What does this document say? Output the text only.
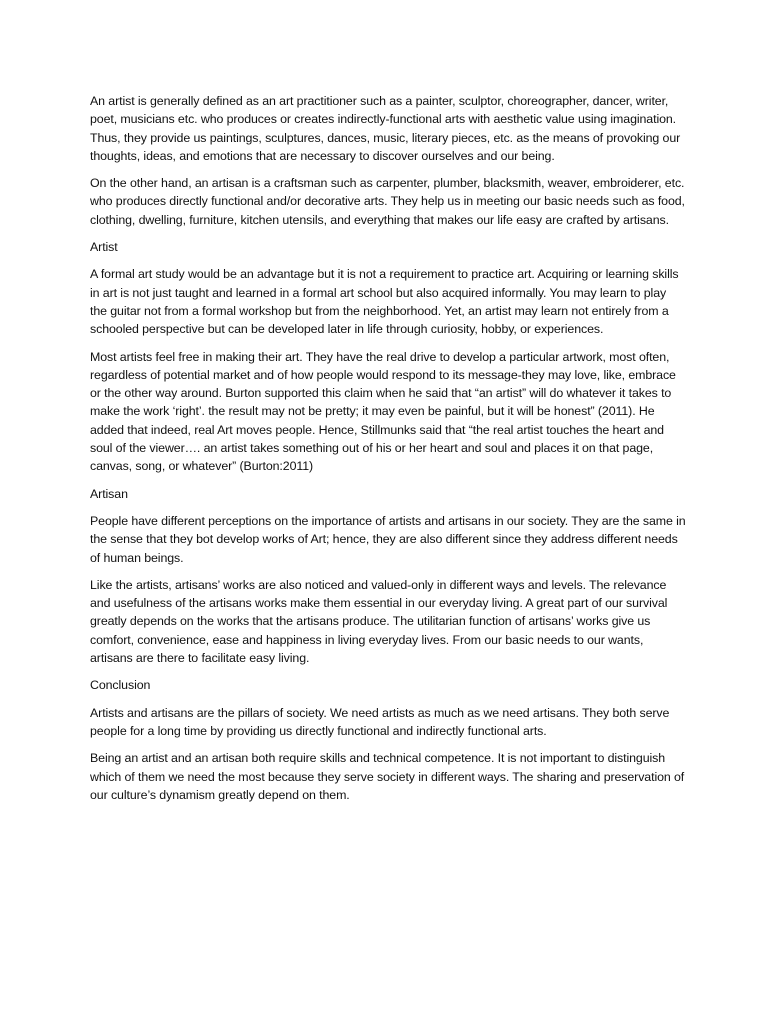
An artist is generally defined as an art practitioner such as a painter, sculptor, choreographer, dancer, writer, poet, musicians etc. who produces or creates indirectly-functional arts with aesthetic value using imagination. Thus, they provide us paintings, sculptures, dances, music, literary pieces, etc. as the means of provoking our thoughts, ideas, and emotions that are necessary to discover ourselves and our being.

On the other hand, an artisan is a craftsman such as carpenter, plumber, blacksmith, weaver, embroiderer, etc. who produces directly functional and/or decorative arts. They help us in meeting our basic needs such as food, clothing, dwelling, furniture, kitchen utensils, and everything that makes our life easy are crafted by artisans.

Artist

A formal art study would be an advantage but it is not a requirement to practice art. Acquiring or learning skills in art is not just taught and learned in a formal art school but also acquired informally. You may learn to play the guitar not from a formal workshop but from the neighborhood. Yet, an artist may learn not entirely from a schooled perspective but can be developed later in life through curiosity, hobby, or experiences.

Most artists feel free in making their art. They have the real drive to develop a particular artwork, most often, regardless of potential market and of how people would respond to its message-they may love, like, embrace or the other way around. Burton supported this claim when he said that “an artist” will do whatever it takes to make the work ‘right’. the result may not be pretty; it may even be painful, but it will be honest” (2011). He added that indeed, real Art moves people. Hence, Stillmunks said that “the real artist touches the heart and soul of the viewer…. an artist takes something out of his or her heart and soul and places it on that page, canvas, song, or whatever” (Burton:2011)

Artisan

People have different perceptions on the importance of artists and artisans in our society. They are the same in the sense that they bot develop works of Art; hence, they are also different since they address different needs of human beings.

Like the artists, artisans’ works are also noticed and valued-only in different ways and levels. The relevance and usefulness of the artisans works make them essential in our everyday living. A great part of our survival greatly depends on the works that the artisans produce. The utilitarian function of artisans’ works give us comfort, convenience, ease and happiness in living everyday lives. From our basic needs to our wants, artisans are there to facilitate easy living.

Conclusion

Artists and artisans are the pillars of society. We need artists as much as we need artisans. They both serve people for a long time by providing us directly functional and indirectly functional arts.

Being an artist and an artisan both require skills and technical competence. It is not important to distinguish which of them we need the most because they serve society in different ways. The sharing and preservation of our culture’s dynamism greatly depend on them.
